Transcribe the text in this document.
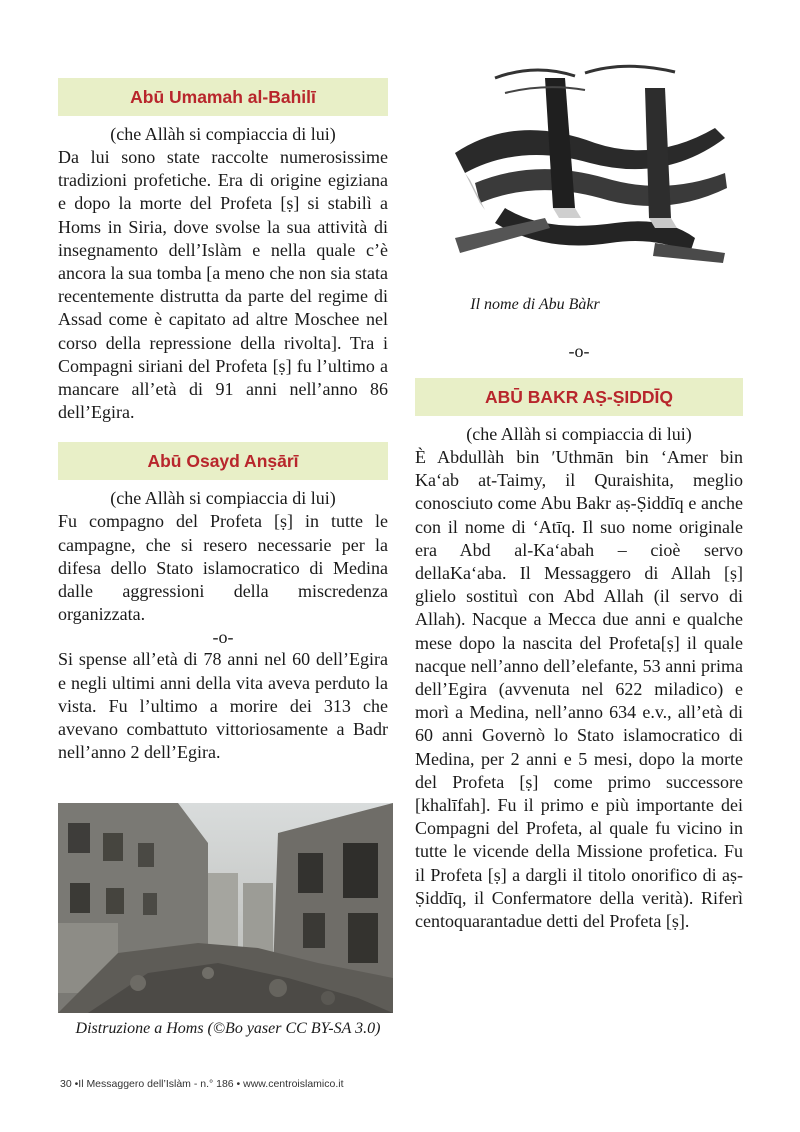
Abū Umamah al-Bahilī
(che Allàh si compiaccia di lui)

Da lui sono state raccolte numerosissime tradizioni profetiche. Era di origine egiziana e dopo la morte del Profeta [ṣ] si stabilì a Homs in Siria, dove svolse la sua attività di insegnamento dell’Islàm e nella quale c’è ancora la sua tomba [a meno che non sia stata recentemente distrutta da parte del regime di Assad come è capitato ad altre Moschee nel corso della repressione della rivolta]. Tra i Compagni siriani del Profeta [ṣ] fu l’ultimo a mancare all’età di 91 anni nell’anno 86 dell’Egira.

Abū Osayd Anṣārī
(che Allàh si compiaccia di lui)

Fu compagno del Profeta [ṣ] in tutte le campagne, che si resero necessarie per la difesa dello Stato islamocratico di Medina dalle aggressioni della miscredenza organizzata.

-o-

Si spense all’età di 78 anni nel 60 dell’Egira e negli ultimi anni della vita aveva perduto la vista. Fu l’ultimo a morire dei 313 che avevano combattuto vittoriosamente a Badr nell’anno 2 dell’Egira.

Distruzione a Homs (©Bo yaser CC BY-SA 3.0)
Il nome di Abu Bàkr
-o-
ABŪ BAKR AṢ-ṢIDDĪQ
(che Allàh si compiaccia di lui)

È Abdullàh bin ʹUthmān bin ʻAmer bin Kaʻab at-Taimy, il Quraishita, meglio conosciuto come Abu Bakr aṣ-Ṣiddīq e anche con il nome di ʻAtīq. Il suo nome originale era Abd al-Kaʻabah – cioè servo dellaKaʻaba. Il Messaggero di Allah [ṣ] glielo sostituì con Abd Allah (il servo di Allah). Nacque a Mecca due anni e qualche mese dopo la nascita del Profeta[ṣ] il quale nacque nell’anno dell’elefante, 53 anni prima dell’Egira (avvenuta nel 622 miladico) e morì a Medina, nell’anno 634 e.v., all’età di 60 anni Governò lo Stato islamocratico di Medina, per 2 anni e 5 mesi, dopo la morte del Profeta [ṣ] come primo successore [khalīfah]. Fu il primo e più importante dei Compagni del Profeta, al quale fu vicino in tutte le vicende della Missione profetica. Fu il Profeta [ṣ] a dargli il titolo onorifico di aṣ-Ṣiddīq, il Confermatore della verità). Riferì centoquarantadue detti del Profeta [ṣ].

30 •Il Messaggero dell’Islàm - n.° 186 • www.centroislamico.it
